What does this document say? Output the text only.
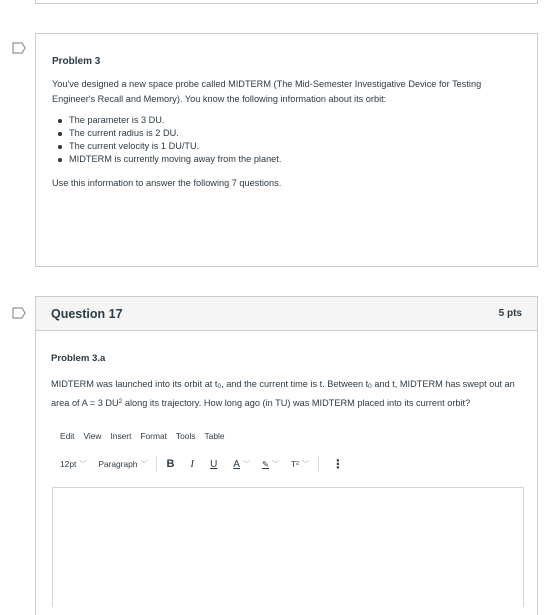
Problem 3

You've designed a new space probe called MIDTERM (The Mid-Semester Investigative Device for Testing Engineer's Recall and Memory). You know the following information about its orbit:

The parameter is 3 DU.
The current radius is 2 DU.
The current velocity is 1 DU/TU.
MIDTERM is currently moving away from the planet.

Use this information to answer the following 7 questions.

Question 17	5 pts
Problem 3.a

MIDTERM was launched into its orbit at $t_0$, and the current time is t. Between $t_0$ and t, MIDTERM has swept out an area of A = 3 $DU^2$ along its trajectory. How long ago (in TU) was MIDTERM placed into its current orbit?

Edit View Insert Format Tools Table
12pt ﹀ Paragraph ﹀ B I U A ﹀ ✎ ﹀ T² ﹀ ⋮
